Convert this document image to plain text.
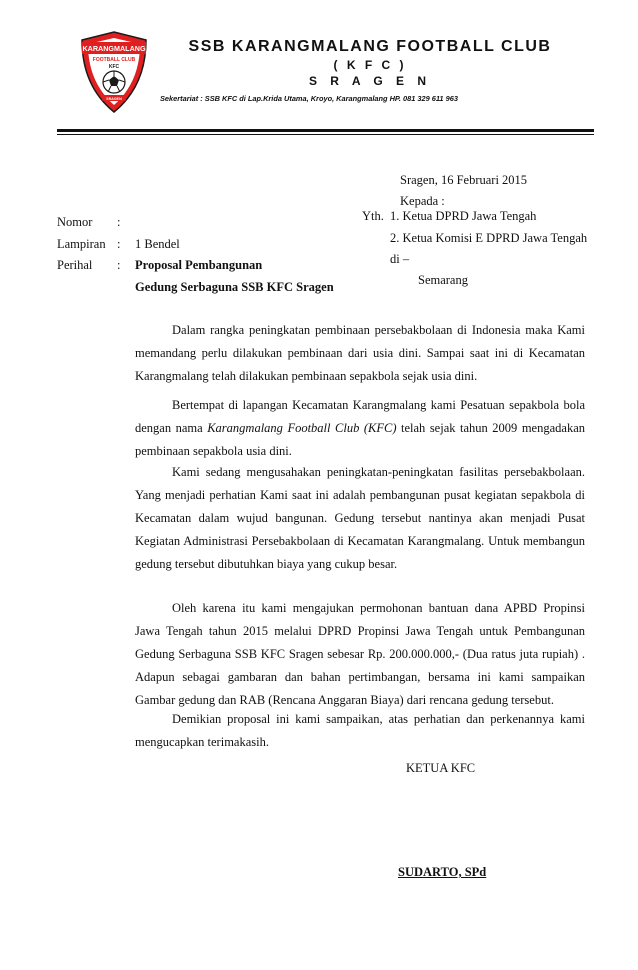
KARANGMALANG
FOOTBALL CLUB
KFC
SRAGEN
SSB KARANGMALANG FOOTBALL CLUB
( K F C )
S R A G E N
Sekertariat : SSB KFC di Lap.Krida Utama, Kroyo, Karangmalang HP. 081 329 611 963
Sragen, 16 Februari 2015
Kepada :
Yth. 1. Ketua DPRD Jawa Tengah
2. Ketua Komisi E DPRD Jawa Tengah
di –
Semarang
Nomor :
Lampiran : 1 Bendel
Perihal : Proposal Pembangunan
Gedung Serbaguna SSB KFC Sragen

Dalam rangka peningkatan pembinaan persebakbolaan di Indonesia maka Kami memandang perlu dilakukan pembinaan dari usia dini. Sampai saat ini di Kecamatan Karangmalang telah dilakukan pembinaan sepakbola sejak usia dini.

Bertempat di lapangan Kecamatan Karangmalang kami Pesatuan sepakbola bola dengan nama Karangmalang Football Club (KFC) telah sejak tahun 2009 mengadakan pembinaan sepakbola usia dini.

Kami sedang mengusahakan peningkatan-peningkatan fasilitas persebakbolaan. Yang menjadi perhatian Kami saat ini adalah pembangunan pusat kegiatan sepakbola di Kecamatan dalam wujud bangunan. Gedung tersebut nantinya akan menjadi Pusat Kegiatan Administrasi Persebakbolaan di Kecamatan Karangmalang. Untuk membangun gedung tersebut dibutuhkan biaya yang cukup besar.

Oleh karena itu kami mengajukan permohonan bantuan dana APBD Propinsi Jawa Tengah tahun 2015 melalui DPRD Propinsi Jawa Tengah untuk Pembangunan Gedung Serbaguna SSB KFC Sragen sebesar Rp. 200.000.000,- (Dua ratus juta rupiah) . Adapun sebagai gambaran dan bahan pertimbangan, bersama ini kami sampaikan Gambar gedung dan RAB (Rencana Anggaran Biaya) dari rencana gedung tersebut.

Demikian proposal ini kami sampaikan, atas perhatian dan perkenannya kami mengucapkan terimakasih.

KETUA KFC
SUDARTO, SPd
